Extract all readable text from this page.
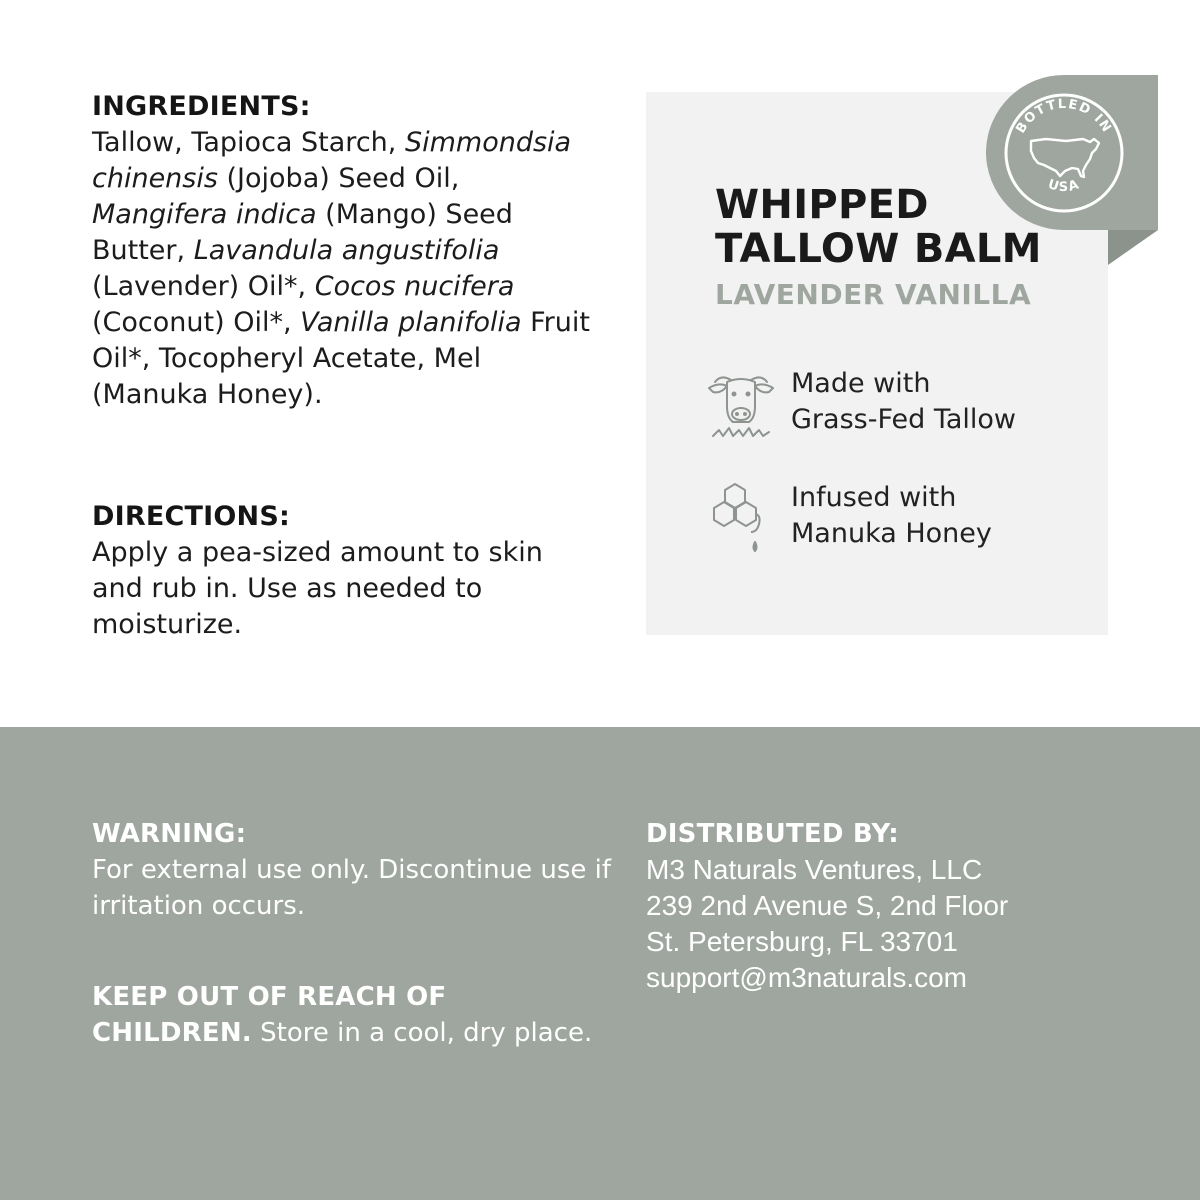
INGREDIENTS:

Tallow, Tapioca Starch, Simmondsia chinensis (Jojoba) Seed Oil, Mangifera indica (Mango) Seed Butter, Lavandula angustifolia (Lavender) Oil*, Cocos nucifera (Coconut) Oil*, Vanilla planifolia Fruit Oil*, Tocopheryl Acetate, Mel (Manuka Honey).

DIRECTIONS:

Apply a pea-sized amount to skin and rub in. Use as needed to moisturize.

BOTTLED IN
USA
WHIPPED TALLOW BALM
LAVENDER VANILLA
Made with
Grass-Fed Tallow
Infused with
Manuka Honey

WARNING:

For external use only. Discontinue use if irritation occurs.

KEEP OUT OF REACH OF CHILDREN. Store in a cool, dry place.

DISTRIBUTED BY:

M3 Naturals Ventures, LLC

239 2nd Avenue S, 2nd Floor

St. Petersburg, FL 33701

support@m3naturals.com
